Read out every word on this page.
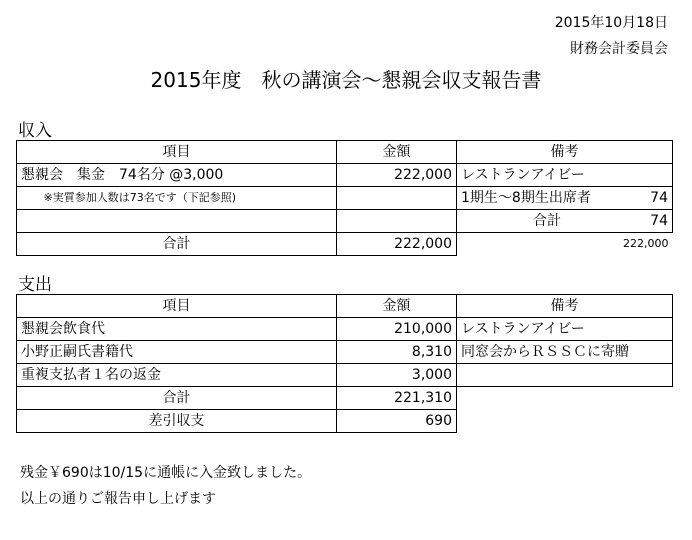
2015年10月18日
財務会計委員会
2015年度　秋の講演会～懇親会収支報告書
収入
項目	金額	備考
懇親会　集金　74名分 @3,000	222,000	レストランアイビー
※実質参加人数は73名です（下記参照)		1期生～8期生出席者 74

		合計 74

合計	222,000	222,000
支出
項目	金額	備考
懇親会飲食代	210,000	レストランアイビー
小野正嗣氏書籍代	8,310	同窓会からＲＳＳＣに寄贈
重複支払者１名の返金	3,000	
合計	221,310	
差引収支	690	
残金￥690は10/15に通帳に入金致しました。
以上の通りご報告申し上げます
